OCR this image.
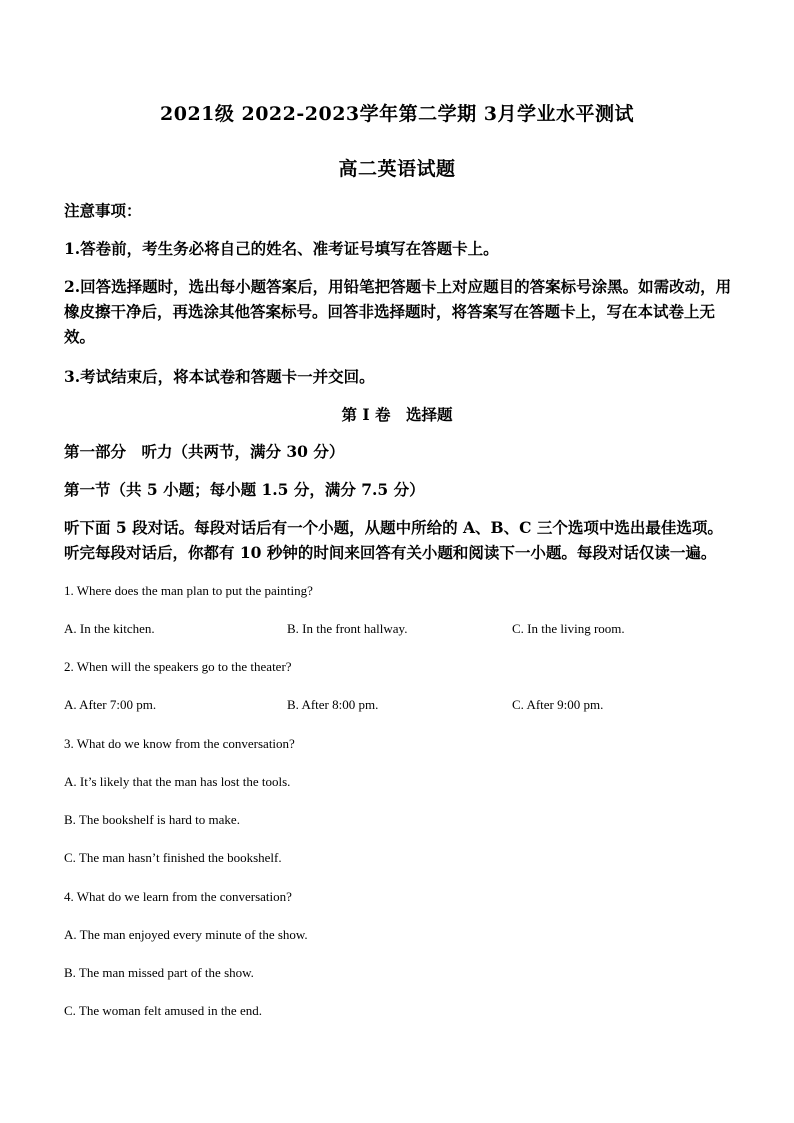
2021级 2022-2023学年第二学期 3月学业水平测试
高二英语试题
注意事项：
1.答卷前，考生务必将自己的姓名、准考证号填写在答题卡上。
2.回答选择题时，选出每小题答案后，用铅笔把答题卡上对应题目的答案标号涂黑。如需改动，用橡皮擦干净后，再选涂其他答案标号。回答非选择题时，将答案写在答题卡上，写在本试卷上无效。
3.考试结束后，将本试卷和答题卡一并交回。
第 I 卷　选择题
第一部分　听力（共两节，满分 30 分）
第一节（共 5 小题；每小题 1.5 分，满分 7.5 分）
听下面 5 段对话。每段对话后有一个小题，从题中所给的 A、B、C 三个选项中选出最佳选项。听完每段对话后，你都有 10 秒钟的时间来回答有关小题和阅读下一小题。每段对话仅读一遍。
1. Where does the man plan to put the painting?
A. In the kitchen.	B. In the front hallway.	C. In the living room.
2. When will the speakers go to the theater?
A. After 7:00 pm.	B. After 8:00 pm.	C. After 9:00 pm.
3. What do we know from the conversation?
A. It’s likely that the man has lost the tools.
B. The bookshelf is hard to make.
C. The man hasn’t finished the bookshelf.
4. What do we learn from the conversation?
A. The man enjoyed every minute of the show.
B. The man missed part of the show.
C. The woman felt amused in the end.
